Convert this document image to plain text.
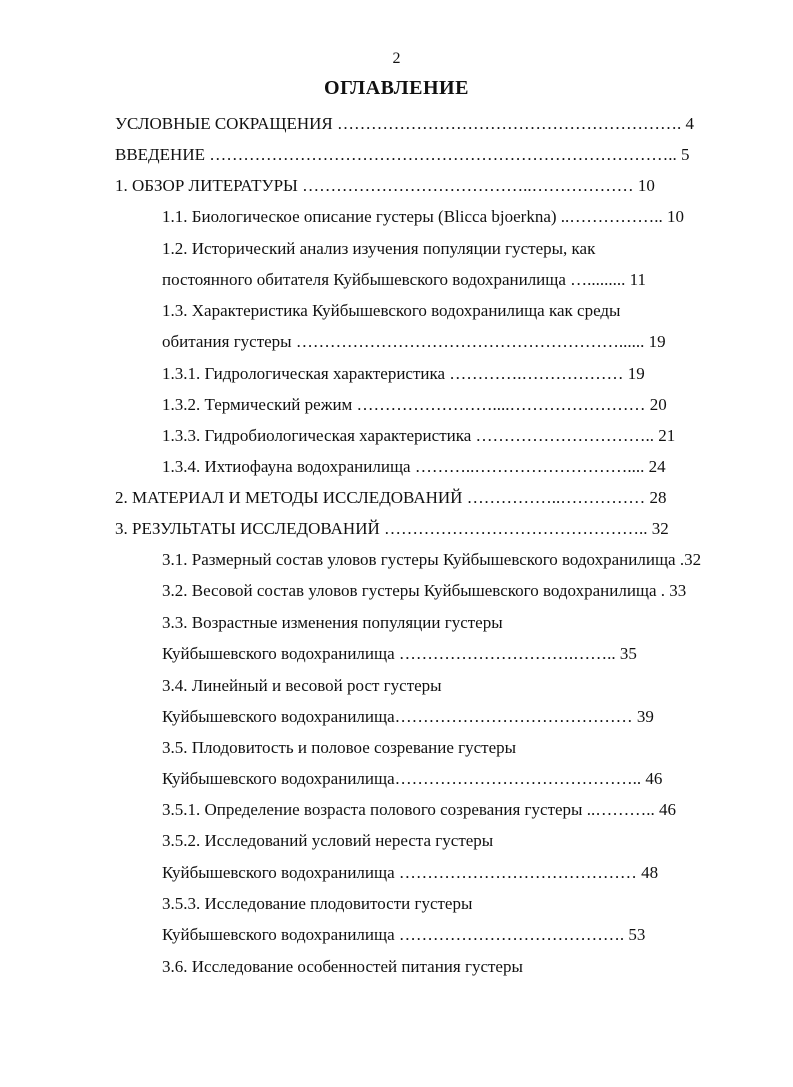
2
ОГЛАВЛЕНИЕ
УСЛОВНЫЕ СОКРАЩЕНИЯ ……………………………………………………. 4
ВВЕДЕНИЕ ……………………………………………………………………….. 5
1. ОБЗОР ЛИТЕРАТУРЫ …………………………………..……………… 10
1.1. Биологическое описание густеры (Blicca bjoerkna) ..…………….. 10
1.2. Исторический анализ изучения популяции густеры, как
постоянного обитателя Куйбышевского водохранилища …......... 11
1.3. Характеристика Куйбышевского водохранилища как среды
обитания густеры …………………………………………………...... 19
1.3.1. Гидрологическая характеристика ………….……………… 19
1.3.2. Термический режим ……………………....…………………… 20
1.3.3. Гидробиологическая характеристика ………………………….. 21
1.3.4. Ихтиофауна водохранилища ………..……………………….... 24
2. МАТЕРИАЛ И МЕТОДЫ ИССЛЕДОВАНИЙ ……………..…………… 28
3. РЕЗУЛЬТАТЫ ИССЛЕДОВАНИЙ ……………………………………….. 32
3.1. Размерный состав уловов густеры Куйбышевского водохранилища .32
3.2. Весовой состав уловов густеры Куйбышевского водохранилища . 33
3.3. Возрастные изменения популяции густеры
Куйбышевского водохранилища ………………………….…….. 35
3.4. Линейный и весовой рост густеры
Куйбышевского водохранилища…………………………………… 39
3.5. Плодовитость и половое созревание густеры
Куйбышевского водохранилища…………………………………….. 46
3.5.1. Определение возраста полового созревания густеры ..……….. 46
3.5.2. Исследований условий нереста густеры
Куйбышевского водохранилища …………………………………… 48
3.5.3. Исследование плодовитости густеры
Куйбышевского водохранилища …………………………………. 53
3.6. Исследование особенностей питания густеры
